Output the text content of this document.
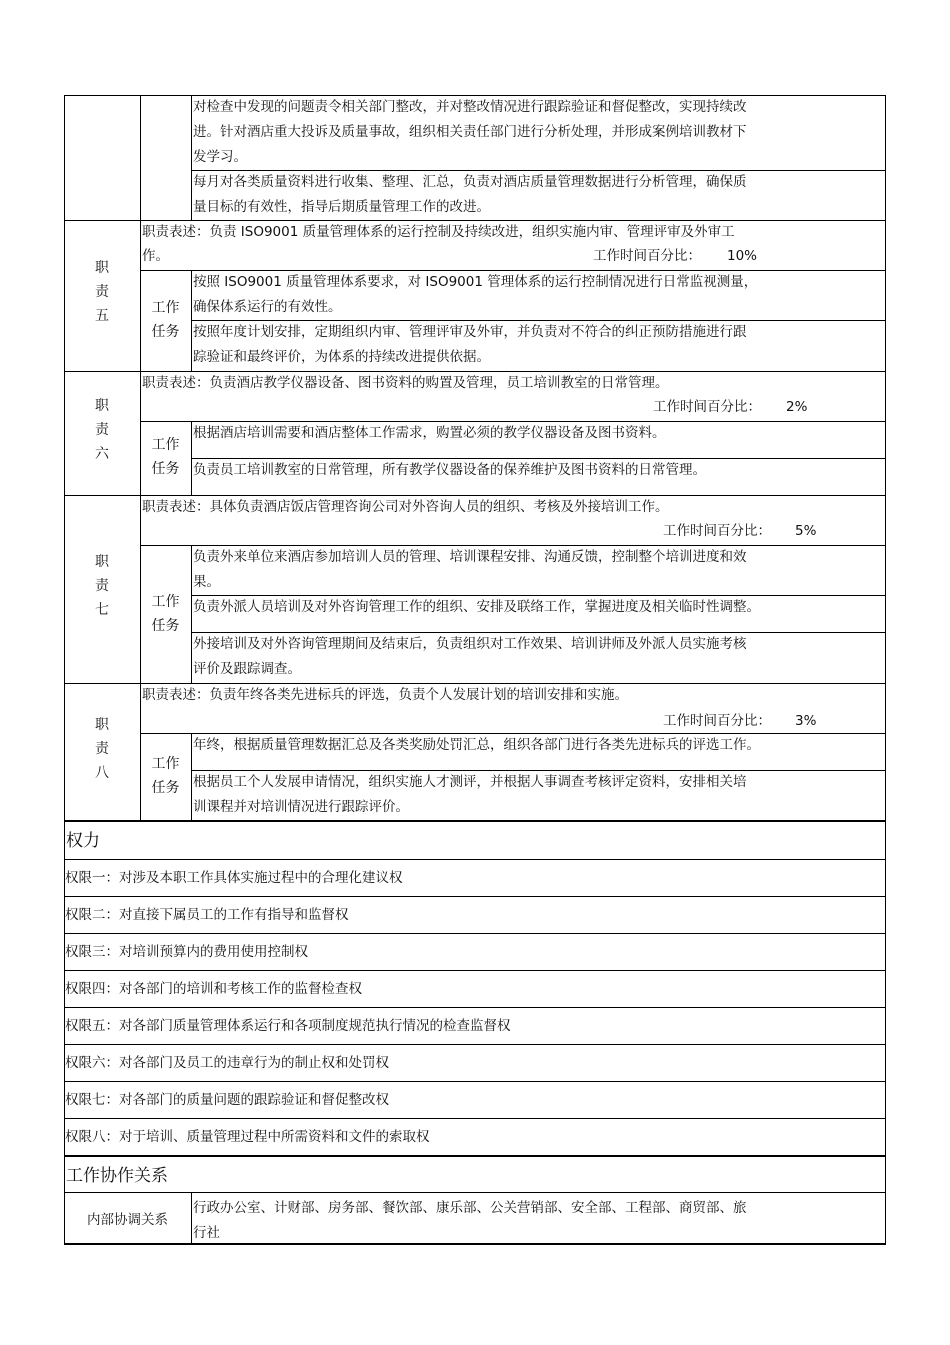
对检查中发现的问题责令相关部门整改，并对整改情况进行跟踪验证和督促整改，实现持续改
进。针对酒店重大投诉及质量事故，组织相关责任部门进行分析处理，并形成案例培训教材下
发学习。
每月对各类质量资料进行收集、整理、汇总，负责对酒店质量管理数据进行分析管理，确保质
量目标的有效性，指导后期质量管理工作的改进。
职
责
五
职责表述：负责 ISO9001 质量管理体系的运行控制及持续改进，组织实施内审、管理评审及外审工
作。	工作时间百分比： 10%
工作
任务
按照 ISO9001 质量管理体系要求，对 ISO9001 管理体系的运行控制情况进行日常监视测量，
确保体系运行的有效性。
按照年度计划安排，定期组织内审、管理评审及外审，并负责对不符合的纠正预防措施进行跟
踪验证和最终评价，为体系的持续改进提供依据。
职
责
六
职责表述：负责酒店教学仪器设备、图书资料的购置及管理，员工培训教室的日常管理。
工作时间百分比： 2%
工作
任务
根据酒店培训需要和酒店整体工作需求，购置必须的教学仪器设备及图书资料。
负责员工培训教室的日常管理，所有教学仪器设备的保养维护及图书资料的日常管理。
职
责
七
职责表述：具体负责酒店饭店管理咨询公司对外咨询人员的组织、考核及外接培训工作。
工作时间百分比： 5%
工作
任务
负责外来单位来酒店参加培训人员的管理、培训课程安排、沟通反馈，控制整个培训进度和效
果。
负责外派人员培训及对外咨询管理工作的组织、安排及联络工作，掌握进度及相关临时性调整。
外接培训及对外咨询管理期间及结束后，负责组织对工作效果、培训讲师及外派人员实施考核
评价及跟踪调查。
职
责
八
职责表述：负责年终各类先进标兵的评选，负责个人发展计划的培训安排和实施。
工作时间百分比： 3%
工作
任务
年终，根据质量管理数据汇总及各类奖励处罚汇总，组织各部门进行各类先进标兵的评选工作。
根据员工个人发展申请情况，组织实施人才测评，并根据人事调查考核评定资料，安排相关培
训课程并对培训情况进行跟踪评价。
权力
权限一：对涉及本职工作具体实施过程中的合理化建议权
权限二：对直接下属员工的工作有指导和监督权
权限三：对培训预算内的费用使用控制权
权限四：对各部门的培训和考核工作的监督检查权
权限五：对各部门质量管理体系运行和各项制度规范执行情况的检查监督权
权限六：对各部门及员工的违章行为的制止权和处罚权
权限七：对各部门的质量问题的跟踪验证和督促整改权
权限八：对于培训、质量管理过程中所需资料和文件的索取权
工作协作关系
内部协调关系
行政办公室、计财部、房务部、餐饮部、康乐部、公关营销部、安全部、工程部、商贸部、旅
行社
